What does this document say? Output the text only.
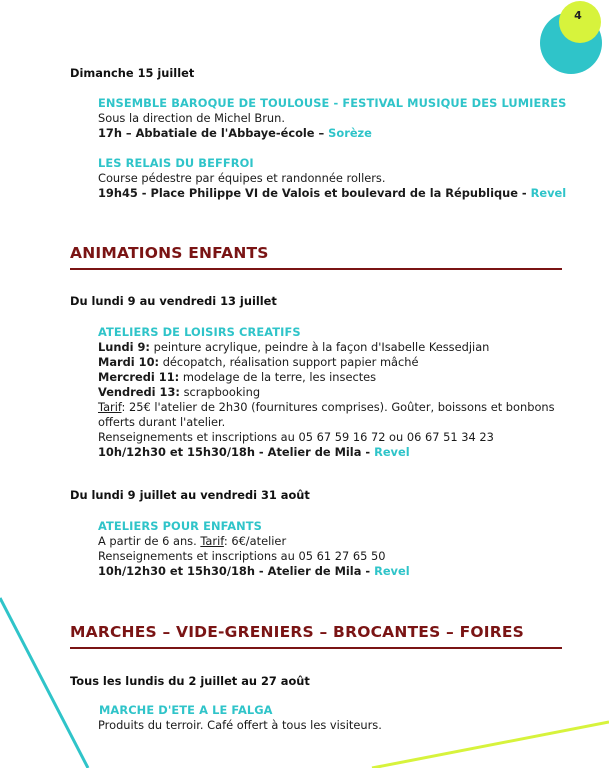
4
Dimanche 15 juillet
ENSEMBLE BAROQUE DE TOULOUSE - FESTIVAL MUSIQUE DES LUMIERES
Sous la direction de Michel Brun.
17h – Abbatiale de l'Abbaye-école – Sorèze
LES RELAIS DU BEFFROI
Course pédestre par équipes et randonnée rollers.
19h45 - Place Philippe VI de Valois et boulevard de la République - Revel
ANIMATIONS ENFANTS
Du lundi 9 au vendredi 13 juillet
ATELIERS DE LOISIRS CREATIFS
Lundi 9: peinture acrylique, peindre à la façon d'Isabelle Kessedjian
Mardi 10: décopatch, réalisation support papier mâché
Mercredi 11: modelage de la terre, les insectes
Vendredi 13: scrapbooking
Tarif: 25€ l'atelier de 2h30 (fournitures comprises). Goûter, boissons et bonbons
offerts durant l'atelier.
Renseignements et inscriptions au 05 67 59 16 72 ou 06 67 51 34 23
10h/12h30 et 15h30/18h - Atelier de Mila - Revel
Du lundi 9 juillet au vendredi 31 août
ATELIERS POUR ENFANTS
A partir de 6 ans. Tarif: 6€/atelier
Renseignements et inscriptions au 05 61 27 65 50
10h/12h30 et 15h30/18h - Atelier de Mila - Revel
MARCHES – VIDE-GRENIERS – BROCANTES – FOIRES
Tous les lundis du 2 juillet au 27 août
MARCHE D'ETE A LE FALGA
Produits du terroir. Café offert à tous les visiteurs.
